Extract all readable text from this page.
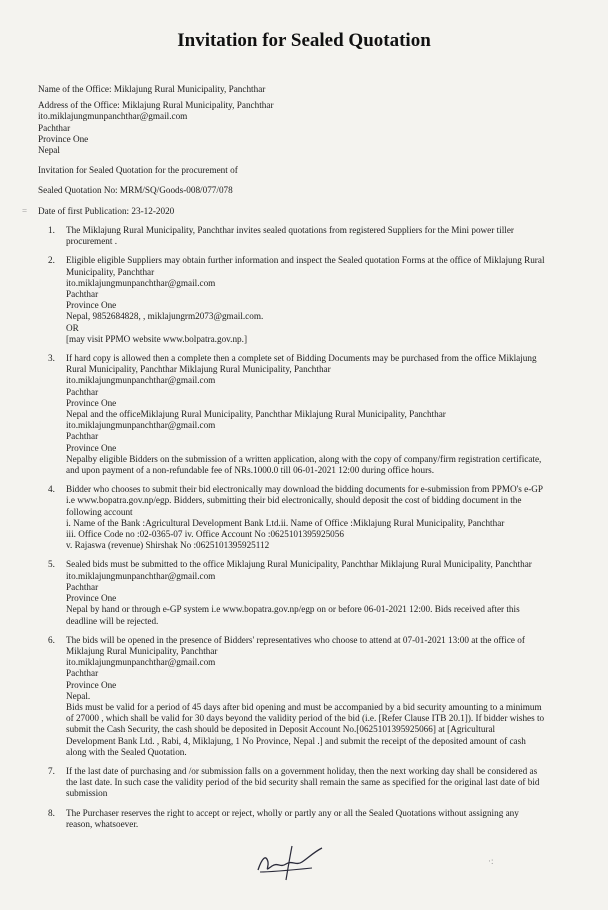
Invitation for Sealed Quotation
Name of the Office: Miklajung Rural Municipality, Panchthar
Address of the Office: Miklajung Rural Municipality, Panchthar
ito.miklajungmunpanchthar@gmail.com
Pachthar
Province One
Nepal
Invitation for Sealed Quotation for the procurement of
Sealed Quotation No: MRM/SQ/Goods-008/077/078
Date of first Publication: 23-12-2020
1. The Miklajung Rural Municipality, Panchthar invites sealed quotations from registered Suppliers for the Mini power tiller
procurement .
2. Eligible eligible Suppliers may obtain further information and inspect the Sealed quotation Forms at the office of Miklajung Rural
Municipality, Panchthar
ito.miklajungmunpanchthar@gmail.com
Pachthar
Province One
Nepal, 9852684828, , miklajungrm2073@gmail.com.
OR
[may visit PPMO website www.bolpatra.gov.np.]
3. If hard copy is allowed then a complete then a complete set of Bidding Documents may be purchased from the office Miklajung
Rural Municipality, Panchthar Miklajung Rural Municipality, Panchthar
ito.miklajungmunpanchthar@gmail.com
Pachthar
Province One
Nepal and the officeMiklajung Rural Municipality, Panchthar Miklajung Rural Municipality, Panchthar
ito.miklajungmunpanchthar@gmail.com
Pachthar
Province One
Nepalby eligible Bidders on the submission of a written application, along with the copy of company/firm registration certificate,
and upon payment of a non-refundable fee of NRs.1000.0 till 06-01-2021 12:00 during office hours.
4. Bidder who chooses to submit their bid electronically may download the bidding documents for e-submission from PPMO's e-GP
i.e www.bopatra.gov.np/egp. Bidders, submitting their bid electronically, should deposit the cost of bidding document in the
following account
i. Name of the Bank :Agricultural Development Bank Ltd.ii. Name of Office :Miklajung Rural Municipality, Panchthar
iii. Office Code no :02-0365-07 iv. Office Account No :0625101395925056
v. Rajaswa (revenue) Shirshak No :0625101395925112
5. Sealed bids must be submitted to the office Miklajung Rural Municipality, Panchthar Miklajung Rural Municipality, Panchthar
ito.miklajungmunpanchthar@gmail.com
Pachthar
Province One
Nepal by hand or through e-GP system i.e www.bopatra.gov.np/egp on or before 06-01-2021 12:00. Bids received after this
deadline will be rejected.
6. The bids will be opened in the presence of Bidders' representatives who choose to attend at 07-01-2021 13:00 at the office of
Miklajung Rural Municipality, Panchthar
ito.miklajungmunpanchthar@gmail.com
Pachthar
Province One
Nepal.
Bids must be valid for a period of 45 days after bid opening and must be accompanied by a bid security amounting to a minimum
of 27000 , which shall be valid for 30 days beyond the validity period of the bid (i.e. [Refer Clause ITB 20.1]). If bidder wishes to
submit the Cash Security, the cash should be deposited in Deposit Account No.[0625101395925066] at [Agricultural
Development Bank Ltd. , Rabi, 4, Miklajung, 1 No Province, Nepal .] and submit the receipt of the deposited amount of cash
along with the Sealed Quotation.
7. If the last date of purchasing and /or submission falls on a government holiday, then the next working day shall be considered as
the last date. In such case the validity period of the bid security shall remain the same as specified for the original last date of bid
submission
8. The Purchaser reserves the right to accept or reject, wholly or partly any or all the Sealed Quotations without assigning any
reason, whatsoever.
·:
=
